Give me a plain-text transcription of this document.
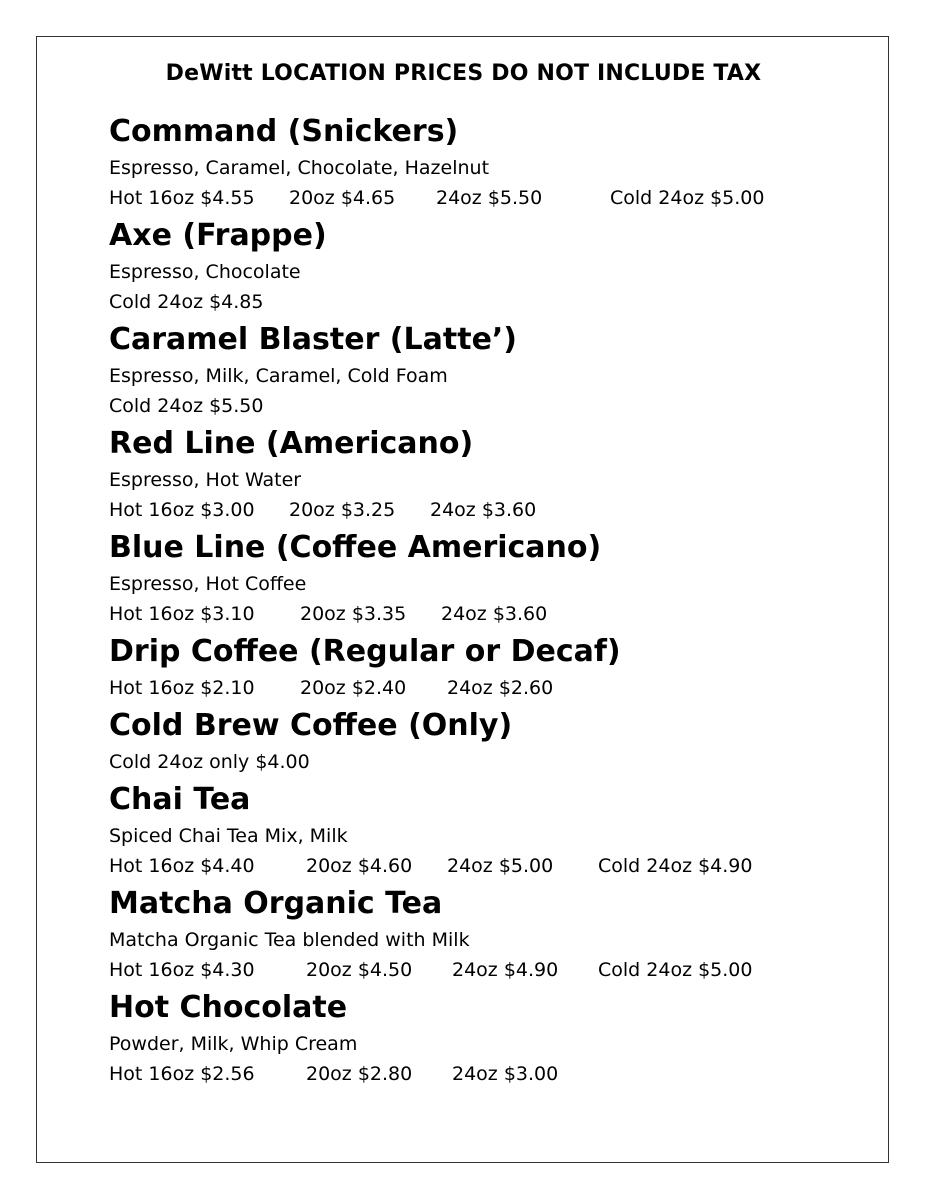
DeWitt LOCATION PRICES DO NOT INCLUDE TAX
Command (Snickers)
Espresso, Caramel, Chocolate, Hazelnut
Hot 16oz $4.55	20oz $4.65	24oz $5.50	Cold 24oz $5.00
Axe (Frappe)
Espresso, Chocolate
Cold 24oz $4.85
Caramel Blaster (Latte’)
Espresso, Milk, Caramel, Cold Foam
Cold 24oz $5.50
Red Line (Americano)
Espresso, Hot Water
Hot 16oz $3.00	20oz $3.25	24oz $3.60
Blue Line (Coffee Americano)
Espresso, Hot Coffee
Hot 16oz $3.10	20oz $3.35	24oz $3.60
Drip Coffee (Regular or Decaf)
Hot 16oz $2.10	20oz $2.40	24oz $2.60
Cold Brew Coffee (Only)
Cold 24oz only $4.00
Chai Tea
Spiced Chai Tea Mix, Milk
Hot 16oz $4.40	20oz $4.60	24oz $5.00	Cold 24oz $4.90
Matcha Organic Tea
Matcha Organic Tea blended with Milk
Hot 16oz $4.30	20oz $4.50	24oz $4.90	Cold 24oz $5.00
Hot Chocolate
Powder, Milk, Whip Cream
Hot 16oz $2.56	20oz $2.80	24oz $3.00
